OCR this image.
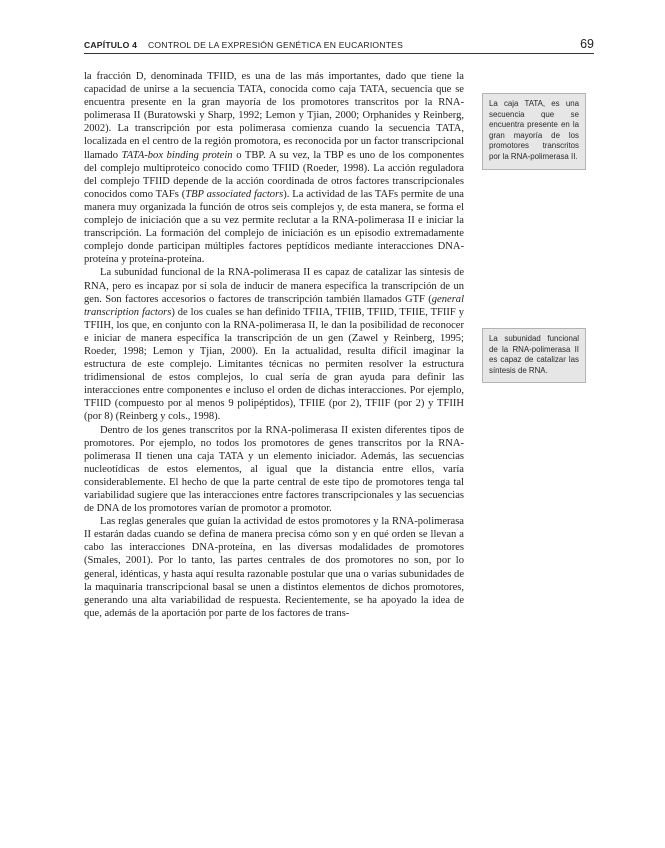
CAPÍTULO 4 CONTROL DE LA EXPRESIÓN GENÉTICA EN EUCARIONTES	69

la fracción D, denominada TFIID, es una de las más importantes, dado que tiene la capacidad de unirse a la secuencia TATA, conocida como caja TATA, secuencia que se encuentra presente en la gran mayoría de los promotores transcritos por la RNA-polimerasa II (Buratowski y Sharp, 1992; Lemon y Tjian, 2000; Orphanides y Reinberg, 2002). La transcripción por esta polimerasa comienza cuando la secuencia TATA, localizada en el centro de la región promotora, es reconocida por un factor transcripcional llamado TATA-box binding protein o TBP. A su vez, la TBP es uno de los componentes del complejo multiproteico conocido como TFIID (Roeder, 1998). La acción reguladora del complejo TFIID depende de la acción coordinada de otros factores transcripcionales conocidos como TAFs (TBP associated factors). La actividad de las TAFs permite de una manera muy organizada la función de otros seis complejos y, de esta manera, se forma el complejo de iniciación que a su vez permite reclutar a la RNA-polimerasa II e iniciar la transcripción. La formación del complejo de iniciación es un episodio extremadamente complejo donde participan múltiples factores peptídicos mediante interacciones DNA-proteína y proteína-proteína.

La subunidad funcional de la RNA-polimerasa II es capaz de catalizar las síntesis de RNA, pero es incapaz por sí sola de inducir de manera específica la transcripción de un gen. Son factores accesorios o factores de transcripción también llamados GTF (general transcription factors) de los cuales se han definido TFIIA, TFIIB, TFIID, TFIIE, TFIIF y TFIIH, los que, en conjunto con la RNA-polimerasa II, le dan la posibilidad de reconocer e iniciar de manera específica la transcripción de un gen (Zawel y Reinberg, 1995; Roeder, 1998; Lemon y Tjian, 2000). En la actualidad, resulta difícil imaginar la estructura de este complejo. Limitantes técnicas no permiten resolver la estructura tridimensional de estos complejos, lo cual sería de gran ayuda para definir las interacciones entre componentes e incluso el orden de dichas interacciones. Por ejemplo, TFIID (compuesto por al menos 9 polipéptidos), TFIIE (por 2), TFIIF (por 2) y TFIIH (por 8) (Reinberg y cols., 1998).

Dentro de los genes transcritos por la RNA-polimerasa II existen diferentes tipos de promotores. Por ejemplo, no todos los promotores de genes transcritos por la RNA-polimerasa II tienen una caja TATA y un elemento iniciador. Además, las secuencias nucleotídicas de estos elementos, al igual que la distancia entre ellos, varía considerablemente. El hecho de que la parte central de este tipo de promotores tenga tal variabilidad sugiere que las interacciones entre factores transcripcionales y las secuencias de DNA de los promotores varían de promotor a promotor.

Las reglas generales que guían la actividad de estos promotores y la RNA-polimerasa II estarán dadas cuando se defina de manera precisa cómo son y en qué orden se llevan a cabo las interacciones DNA-proteína, en las diversas modalidades de promotores (Smales, 2001). Por lo tanto, las partes centrales de dos promotores no son, por lo general, idénticas, y hasta aquí resulta razonable postular que una o varias subunidades de la maquinaria transcripcional basal se unen a distintos elementos de dichos promotores, generando una alta variabilidad de respuesta. Recientemente, se ha apoyado la idea de que, además de la aportación por parte de los factores de trans-

La caja TATA, es una secuencia que se encuentra presente en la gran mayoría de los promotores transcritos por la RNA-polimerasa II.
La subunidad funcional de la RNA-polimerasa II es capaz de catalizar las síntesis de RNA.
